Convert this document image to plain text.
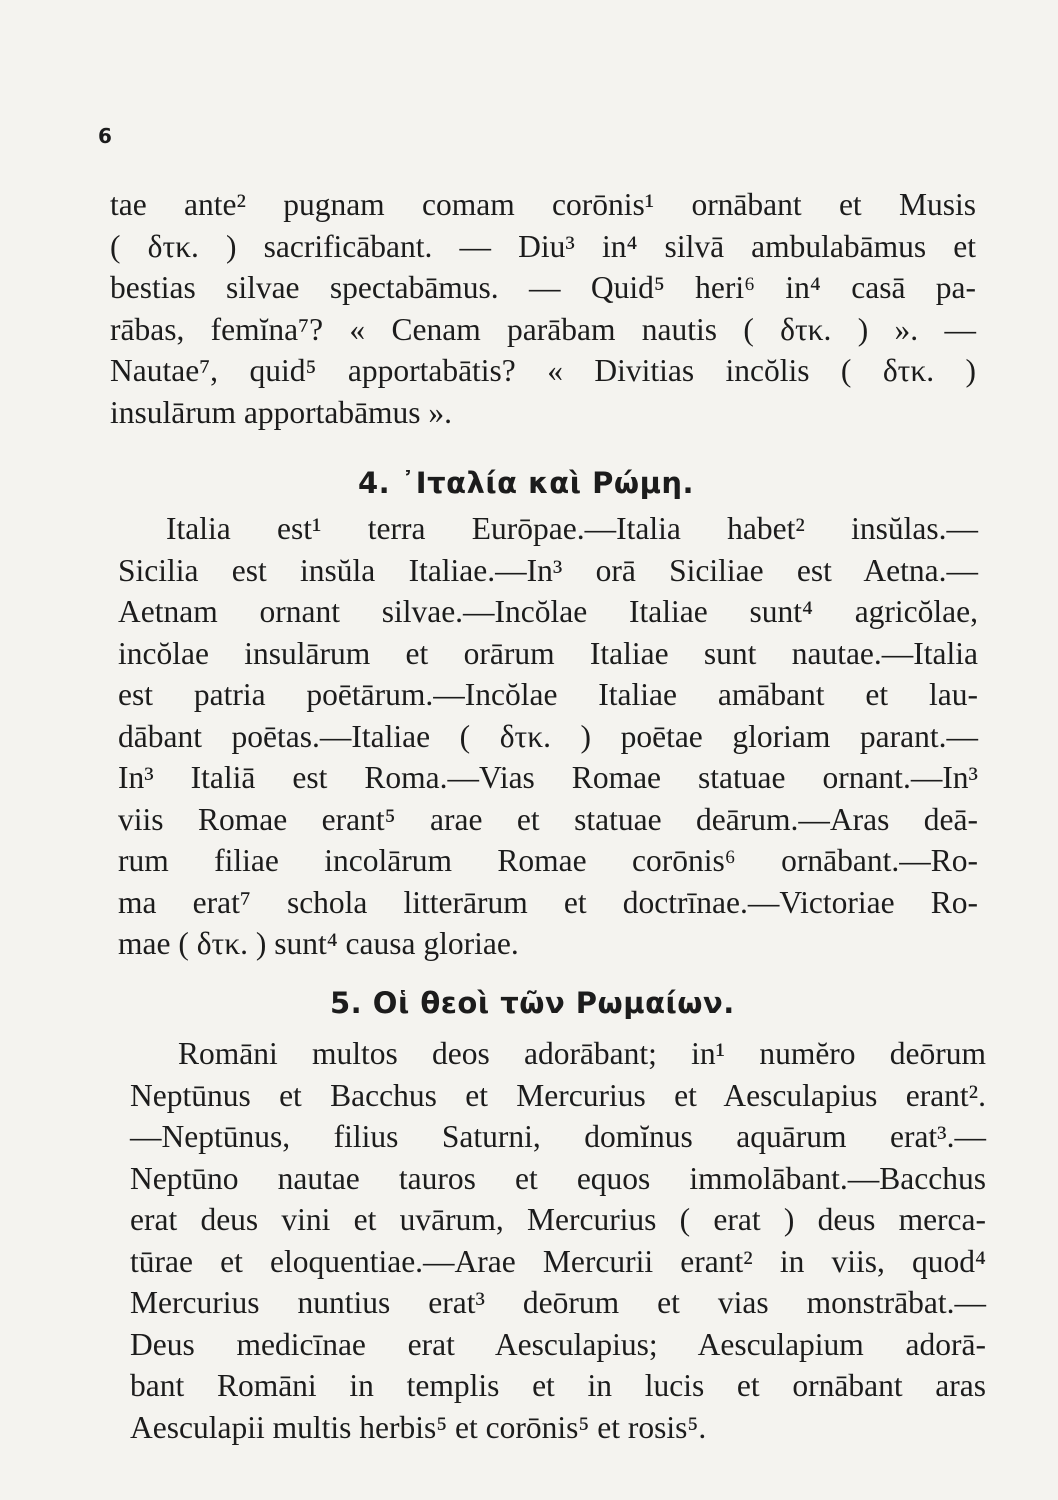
6
tae ante² pugnam comam corōnis¹ ornābant et Musis
( δτκ. ) sacrificābant. — Diu³ in⁴ silvā ambulabāmus et
bestias silvae spectabāmus. — Quid⁵ heri⁶ in⁴ casā pa-
rābas, femĭna⁷? « Cenam parābam nautis ( δτκ. ) ». —
Nautae⁷, quid⁵ apportabātis? « Divitias incŏlis ( δτκ. )
insulārum apportabāmus ».
4. ᾿Ιταλία καὶ Ρώμη.
Italia est¹ terra Eurōpae.—Italia habet² insŭlas.—
Sicilia est insŭla Italiae.—In³ orā Siciliae est Aetna.—
Aetnam ornant silvae.—Incŏlae Italiae sunt⁴ agricŏlae,
incŏlae insulārum et orārum Italiae sunt nautae.—Italia
est patria poētārum.—Incŏlae Italiae amābant et lau-
dābant poētas.—Italiae ( δτκ. ) poētae gloriam parant.—
In³ Italiā est Roma.—Vias Romae statuae ornant.—In³
viis Romae erant⁵ arae et statuae deārum.—Aras deā-
rum filiae incolārum Romae corōnis⁶ ornābant.—Ro-
ma erat⁷ schola litterārum et doctrīnae.—Victoriae Ro-
mae ( δτκ. ) sunt⁴ causa gloriae.
5. Οἱ θεοὶ τῶν Ρωμαίων.
Romāni multos deos adorābant; in¹ numĕro deōrum
Neptūnus et Bacchus et Mercurius et Aesculapius erant².
—Neptūnus, filius Saturni, domĭnus aquārum erat³.—
Neptūno nautae tauros et equos immolābant.—Bacchus
erat deus vini et uvārum, Mercurius ( erat ) deus merca-
tūrae et eloquentiae.—Arae Mercurii erant² in viis, quod⁴
Mercurius nuntius erat³ deōrum et vias monstrābat.—
Deus medicīnae erat Aesculapius; Aesculapium adorā-
bant Romāni in templis et in lucis et ornābant aras
Aesculapii multis herbis⁵ et corōnis⁵ et rosis⁵.
